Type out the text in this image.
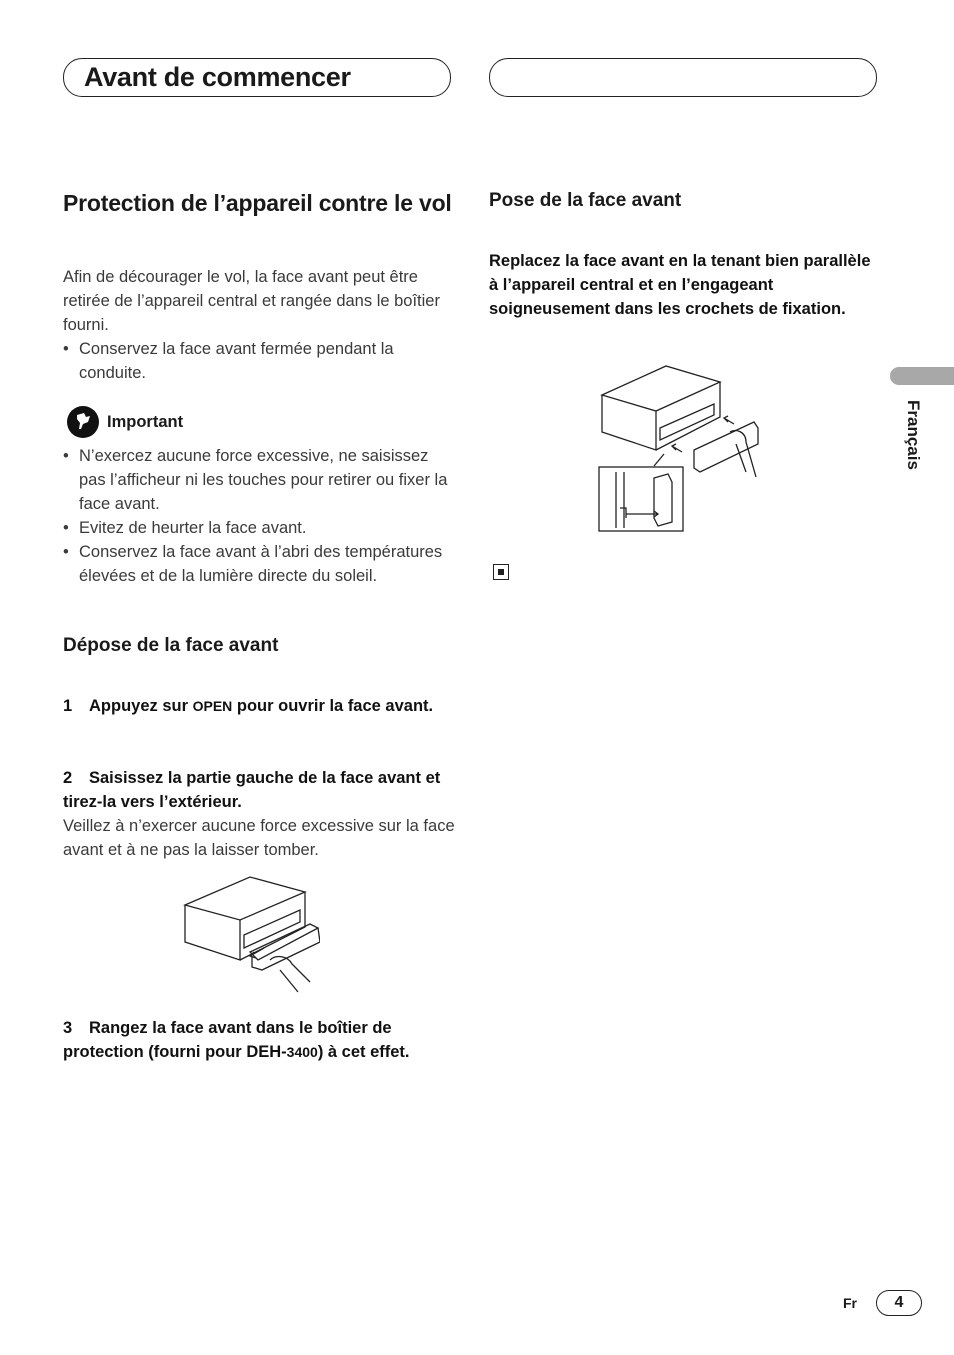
Avant de commencer
Protection de l’appareil contre le vol
Afin de décourager le vol, la face avant peut être retirée de l’appareil central et rangée dans le boîtier fourni.
• Conservez la face avant fermée pendant la conduite.
Important
• N’exercez aucune force excessive, ne saisissez pas l’afficheur ni les touches pour retirer ou fixer la face avant.
• Evitez de heurter la face avant.
• Conservez la face avant à l’abri des températures élevées et de la lumière directe du soleil.
Dépose de la face avant
1 Appuyez sur OPEN pour ouvrir la face avant.
2 Saisissez la partie gauche de la face avant et tirez-la vers l’extérieur.
Veillez à n’exercer aucune force excessive sur la face avant et à ne pas la laisser tomber.
3 Rangez la face avant dans le boîtier de protection (fourni pour DEH-3400) à cet effet.
Pose de la face avant
Replacez la face avant en la tenant bien parallèle à l’appareil central et en l’engageant soigneusement dans les crochets de fixation.
Français
Fr	4
